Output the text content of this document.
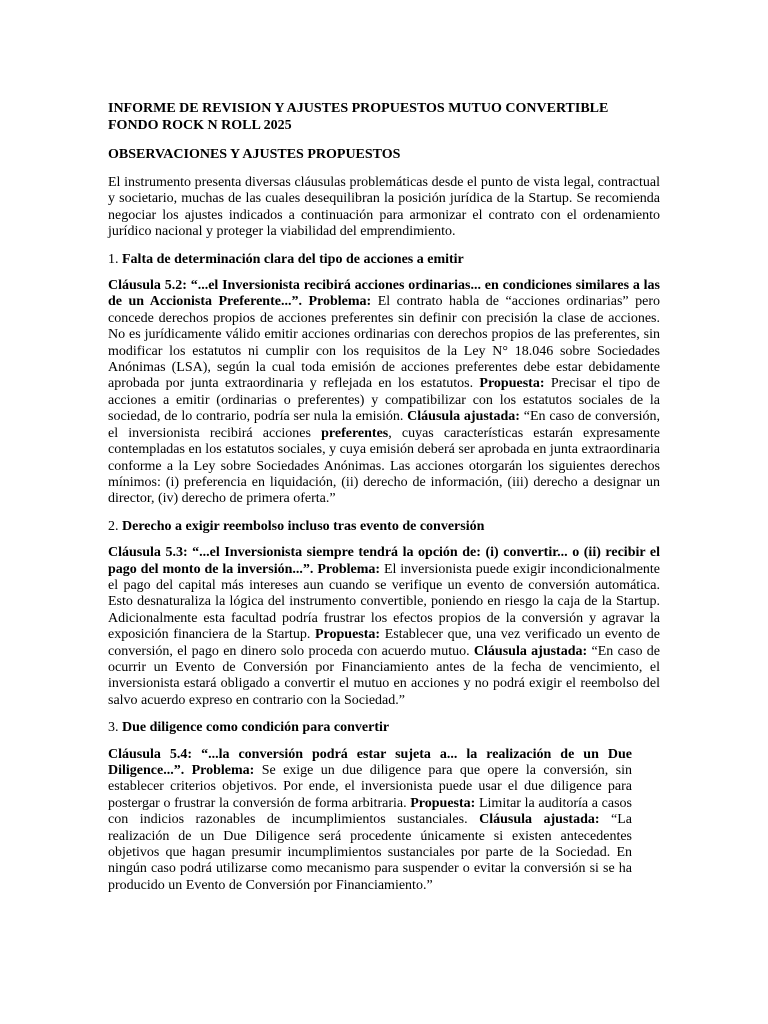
INFORME DE REVISION Y AJUSTES PROPUESTOS MUTUO CONVERTIBLE FONDO ROCK N ROLL 2025
OBSERVACIONES Y AJUSTES PROPUESTOS

El instrumento presenta diversas cláusulas problemáticas desde el punto de vista legal, contractual y societario, muchas de las cuales desequilibran la posición jurídica de la Startup. Se recomienda negociar los ajustes indicados a continuación para armonizar el contrato con el ordenamiento jurídico nacional y proteger la viabilidad del emprendimiento.

1. Falta de determinación clara del tipo de acciones a emitir

Cláusula 5.2: “...el Inversionista recibirá acciones ordinarias... en condiciones similares a las de un Accionista Preferente...”. Problema: El contrato habla de “acciones ordinarias” pero concede derechos propios de acciones preferentes sin definir con precisión la clase de acciones. No es jurídicamente válido emitir acciones ordinarias con derechos propios de las preferentes, sin modificar los estatutos ni cumplir con los requisitos de la Ley N° 18.046 sobre Sociedades Anónimas (LSA), según la cual toda emisión de acciones preferentes debe estar debidamente aprobada por junta extraordinaria y reflejada en los estatutos. Propuesta: Precisar el tipo de acciones a emitir (ordinarias o preferentes) y compatibilizar con los estatutos sociales de la sociedad, de lo contrario, podría ser nula la emisión. Cláusula ajustada: “En caso de conversión, el inversionista recibirá acciones preferentes, cuyas características estarán expresamente contempladas en los estatutos sociales, y cuya emisión deberá ser aprobada en junta extraordinaria conforme a la Ley sobre Sociedades Anónimas. Las acciones otorgarán los siguientes derechos mínimos: (i) preferencia en liquidación, (ii) derecho de información, (iii) derecho a designar un director, (iv) derecho de primera oferta.”

2. Derecho a exigir reembolso incluso tras evento de conversión

Cláusula 5.3: “...el Inversionista siempre tendrá la opción de: (i) convertir... o (ii) recibir el pago del monto de la inversión...”. Problema: El inversionista puede exigir incondicionalmente el pago del capital más intereses aun cuando se verifique un evento de conversión automática. Esto desnaturaliza la lógica del instrumento convertible, poniendo en riesgo la caja de la Startup. Adicionalmente esta facultad podría frustrar los efectos propios de la conversión y agravar la exposición financiera de la Startup. Propuesta: Establecer que, una vez verificado un evento de conversión, el pago en dinero solo proceda con acuerdo mutuo. Cláusula ajustada: “En caso de ocurrir un Evento de Conversión por Financiamiento antes de la fecha de vencimiento, el inversionista estará obligado a convertir el mutuo en acciones y no podrá exigir el reembolso del salvo acuerdo expreso en contrario con la Sociedad.”

3. Due diligence como condición para convertir

Cláusula 5.4: “...la conversión podrá estar sujeta a... la realización de un Due Diligence...”. Problema: Se exige un due diligence para que opere la conversión, sin establecer criterios objetivos. Por ende, el inversionista puede usar el due diligence para postergar o frustrar la conversión de forma arbitraria. Propuesta: Limitar la auditoría a casos con indicios razonables de incumplimientos sustanciales. Cláusula ajustada: “La realización de un Due Diligence será procedente únicamente si existen antecedentes objetivos que hagan presumir incumplimientos sustanciales por parte de la Sociedad. En ningún caso podrá utilizarse como mecanismo para suspender o evitar la conversión si se ha producido un Evento de Conversión por Financiamiento.”
